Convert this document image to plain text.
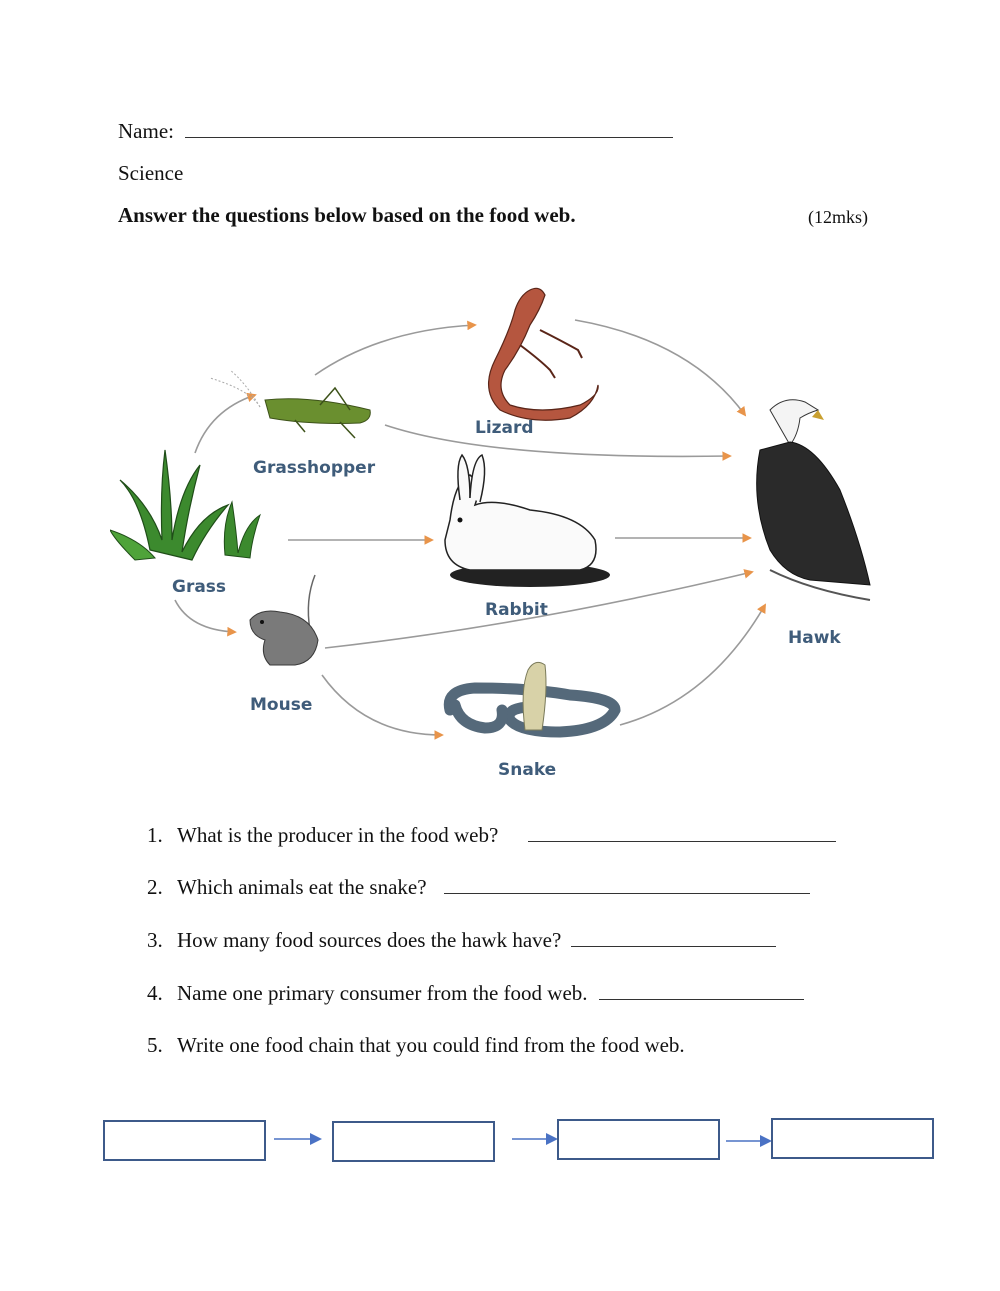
Name:
Science
Answer the questions below based on the food web.	(12mks)
Grass
Grasshopper
Lizard
Rabbit
Mouse
Snake
Hawk
1. What is the producer in the food web?
2. Which animals eat the snake?
3. How many food sources does the hawk have?
4. Name one primary consumer from the food web.
5. Write one food chain that you could find from the food web.
